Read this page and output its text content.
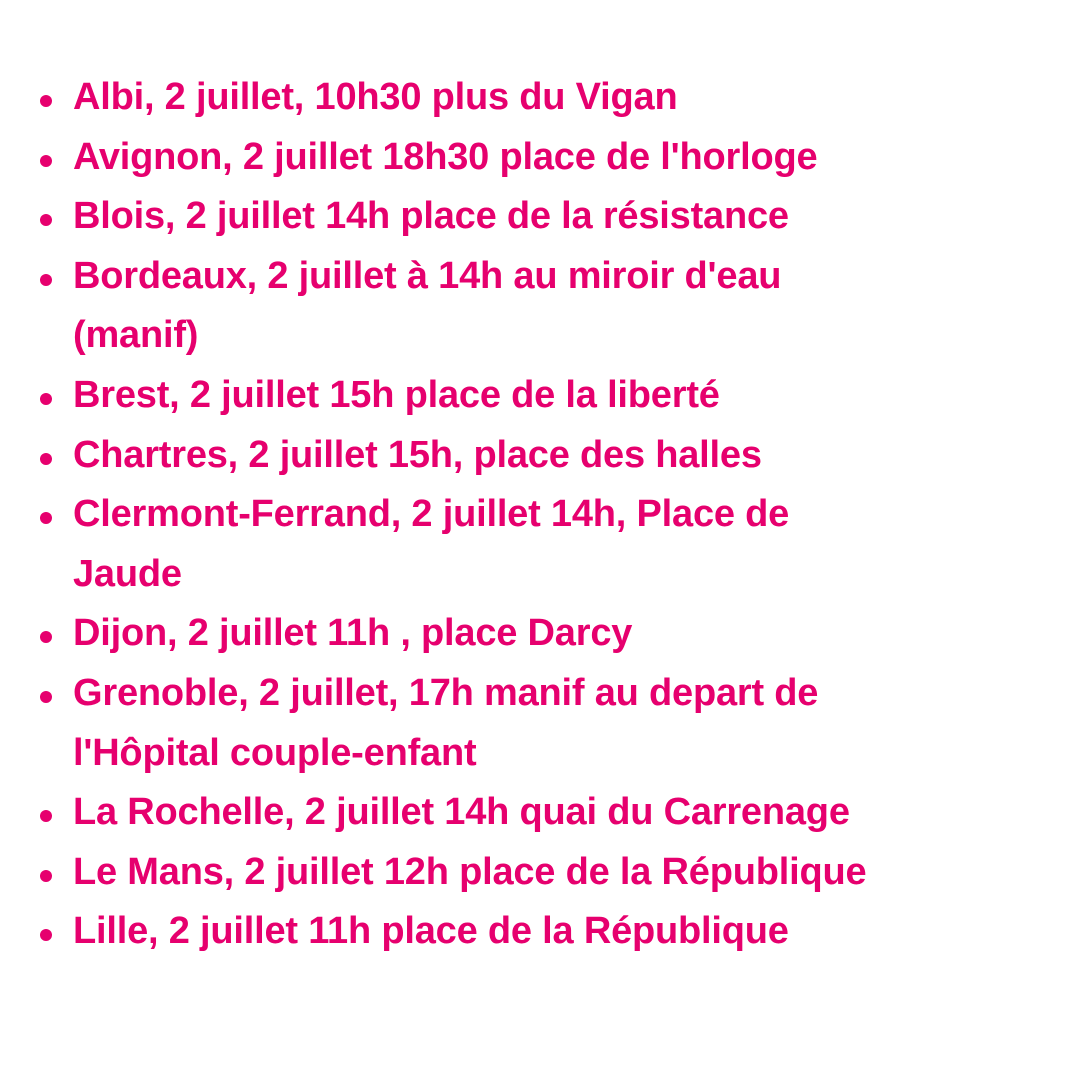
Albi, 2 juillet, 10h30 plus du Vigan
Avignon, 2 juillet 18h30 place de l'horloge
Blois, 2 juillet 14h place de la résistance
Bordeaux, 2 juillet à 14h au miroir d'eau
(manif)
Brest, 2 juillet 15h place de la liberté
Chartres, 2 juillet 15h, place des halles
Clermont-Ferrand, 2 juillet 14h, Place de
Jaude
Dijon, 2 juillet 11h , place Darcy
Grenoble, 2 juillet, 17h manif au depart de
l'Hôpital couple-enfant
La Rochelle, 2 juillet 14h quai du Carrenage
Le Mans, 2 juillet 12h place de la République
Lille, 2 juillet 11h place de la République
